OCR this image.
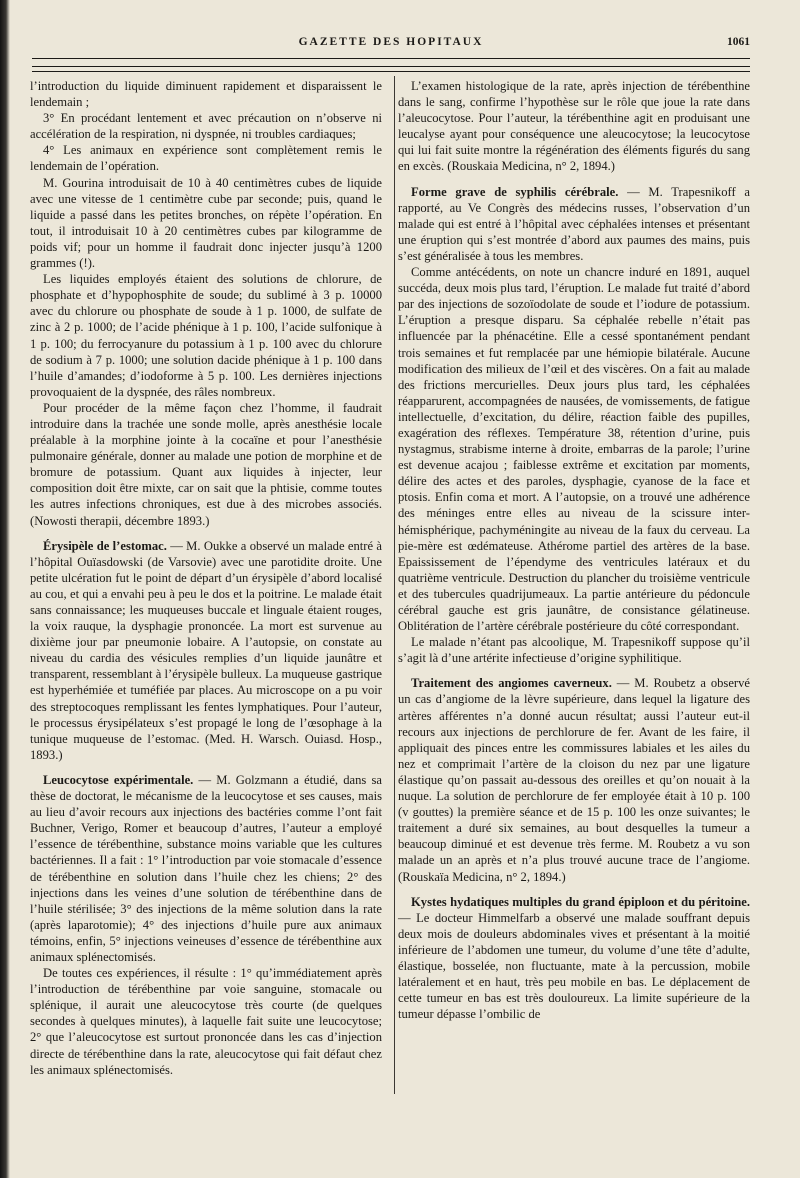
GAZETTE DES HOPITAUX	1061

l’introduction du liquide diminuent rapidement et disparaissent le lendemain ;

3° En procédant lentement et avec précaution on n’observe ni accélération de la respiration, ni dyspnée, ni troubles cardiaques;

4° Les animaux en expérience sont complètement remis le lendemain de l’opération.

M. Gourina introduisait de 10 à 40 centimètres cubes de liquide avec une vitesse de 1 centimètre cube par seconde; puis, quand le liquide a passé dans les petites bronches, on répète l’opération. En tout, il introduisait 10 à 20 centimètres cubes par kilogramme de poids vif; pour un homme il faudrait donc injecter jusqu’à 1200 grammes (!).

Les liquides employés étaient des solutions de chlorure, de phosphate et d’hypophosphite de soude; du sublimé à 3 p. 10000 avec du chlorure ou phosphate de soude à 1 p. 1000, de sulfate de zinc à 2 p. 1000; de l’acide phénique à 1 p. 100, l’acide sulfonique à 1 p. 100; du ferrocyanure du potassium à 1 p. 100 avec du chlorure de sodium à 7 p. 1000; une solution dacide phénique à 1 p. 100 dans l’huile d’amandes; d’iodoforme à 5 p. 100. Les dernières injections provoquaient de la dyspnée, des râles nombreux.

Pour procéder de la même façon chez l’homme, il faudrait introduire dans la trachée une sonde molle, après anesthésie locale préalable à la morphine jointe à la cocaïne et pour l’anesthésie pulmonaire générale, donner au malade une potion de morphine et de bromure de potassium. Quant aux liquides à injecter, leur composition doit être mixte, car on sait que la phtisie, comme toutes les autres infections chroniques, est due à des microbes associés. (Nowosti therapii, décembre 1893.)

Érysipèle de l’estomac. — M. Oukke a observé un malade entré à l’hôpital Ouïasdowski (de Varsovie) avec une parotidite droite. Une petite ulcération fut le point de départ d’un érysipèle d’abord localisé au cou, et qui a envahi peu à peu le dos et la poitrine. Le malade était sans connaissance; les muqueuses buccale et linguale étaient rouges, la voix rauque, la dysphagie prononcée. La mort est survenue au dixième jour par pneumonie lobaire. A l’autopsie, on constate au niveau du cardia des vésicules remplies d’un liquide jaunâtre et transparent, ressemblant à l’érysipèle bulleux. La muqueuse gastrique est hyperhémiée et tuméfiée par places. Au microscope on a pu voir des streptocoques remplissant les fentes lymphatiques. Pour l’auteur, le processus érysipélateux s’est propagé le long de l’œsophage à la tunique muqueuse de l’estomac. (Med. H. Warsch. Ouiasd. Hosp., 1893.)

Leucocytose expérimentale. — M. Golzmann a étudié, dans sa thèse de doctorat, le mécanisme de la leucocytose et ses causes, mais au lieu d’avoir recours aux injections des bactéries comme l’ont fait Buchner, Verigo, Romer et beaucoup d’autres, l’auteur a employé l’essence de térébenthine, substance moins variable que les cultures bactériennes. Il a fait : 1° l’introduction par voie stomacale d’essence de térébenthine en solution dans l’huile chez les chiens; 2° des injections dans les veines d’une solution de térébenthine dans de l’huile stérilisée; 3° des injections de la même solution dans la rate (après laparotomie); 4° des injections d’huile pure aux animaux témoins, enfin, 5° injections veineuses d’essence de térébenthine aux animaux splénectomisés.

De toutes ces expériences, il résulte : 1° qu’immédiatement après l’introduction de térébenthine par voie sanguine, stomacale ou splénique, il aurait une aleucocytose très courte (de quelques secondes à quelques minutes), à laquelle fait suite une leucocytose; 2° que l’aleucocytose est surtout prononcée dans les cas d’injection directe de térébenthine dans la rate, aleucocytose qui fait défaut chez les animaux splénectomisés.

L’examen histologique de la rate, après injection de térébenthine dans le sang, confirme l’hypothèse sur le rôle que joue la rate dans l’aleucocytose. Pour l’auteur, la térébenthine agit en produisant une leucalyse ayant pour conséquence une aleucocytose; la leucocytose qui lui fait suite montre la régénération des éléments figurés du sang en excès. (Rouskaia Medicina, n° 2, 1894.)

Forme grave de syphilis cérébrale. — M. Trapesnikoff a rapporté, au Ve Congrès des médecins russes, l’observation d’un malade qui est entré à l’hôpital avec céphalées intenses et présentant une éruption qui s’est montrée d’abord aux paumes des mains, puis s’est généralisée à tous les membres.

Comme antécédents, on note un chancre induré en 1891, auquel succéda, deux mois plus tard, l’éruption. Le malade fut traité d’abord par des injections de sozoïodolate de soude et l’iodure de potassium. L’éruption a presque disparu. Sa céphalée rebelle n’était pas influencée par la phénacétine. Elle a cessé spontanément pendant trois semaines et fut remplacée par une hémiopie bilatérale. Aucune modification des milieux de l’œil et des viscères. On a fait au malade des frictions mercurielles. Deux jours plus tard, les céphalées réapparurent, accompagnées de nausées, de vomissements, de fatigue intellectuelle, d’excitation, du délire, réaction faible des pupilles, exagération des réflexes. Température 38, rétention d’urine, puis nystagmus, strabisme interne à droite, embarras de la parole; l’urine est devenue acajou ; faiblesse extrême et excitation par moments, délire des actes et des paroles, dysphagie, cyanose de la face et ptosis. Enfin coma et mort. A l’autopsie, on a trouvé une adhérence des méninges entre elles au niveau de la scissure inter-hémisphérique, pachyméningite au niveau de la faux du cerveau. La pie-mère est œdémateuse. Athérome partiel des artères de la base. Epaississement de l’épendyme des ventricules latéraux et du quatrième ventricule. Destruction du plancher du troisième ventricule et des tubercules quadrijumeaux. La partie antérieure du pédoncule cérébral gauche est gris jaunâtre, de consistance gélatineuse. Oblitération de l’artère cérébrale postérieure du côté correspondant.

Le malade n’étant pas alcoolique, M. Trapesnikoff suppose qu’il s’agit là d’une artérite infectieuse d’origine syphilitique.

Traitement des angiomes caverneux. — M. Roubetz a observé un cas d’angiome de la lèvre supérieure, dans lequel la ligature des artères afférentes n’a donné aucun résultat; aussi l’auteur eut-il recours aux injections de perchlorure de fer. Avant de les faire, il appliquait des pinces entre les commissures labiales et les ailes du nez et comprimait l’artère de la cloison du nez par une ligature élastique qu’on passait au-dessous des oreilles et qu’on nouait à la nuque. La solution de perchlorure de fer employée était à 10 p. 100 (v gouttes) la première séance et de 15 p. 100 les onze suivantes; le traitement a duré six semaines, au bout desquelles la tumeur a beaucoup diminué et est devenue très ferme. M. Roubetz a vu son malade un an après et n’a plus trouvé aucune trace de l’angiome. (Rouskaïa Medicina, n° 2, 1894.)

Kystes hydatiques multiples du grand épiploon et du péritoine. — Le docteur Himmelfarb a observé une malade souffrant depuis deux mois de douleurs abdominales vives et présentant à la moitié inférieure de l’abdomen une tumeur, du volume d’une tête d’adulte, élastique, bosselée, non fluctuante, mate à la percussion, mobile latéralement et en haut, très peu mobile en bas. Le déplacement de cette tumeur en bas est très douloureux. La limite supérieure de la tumeur dépasse l’ombilic de
